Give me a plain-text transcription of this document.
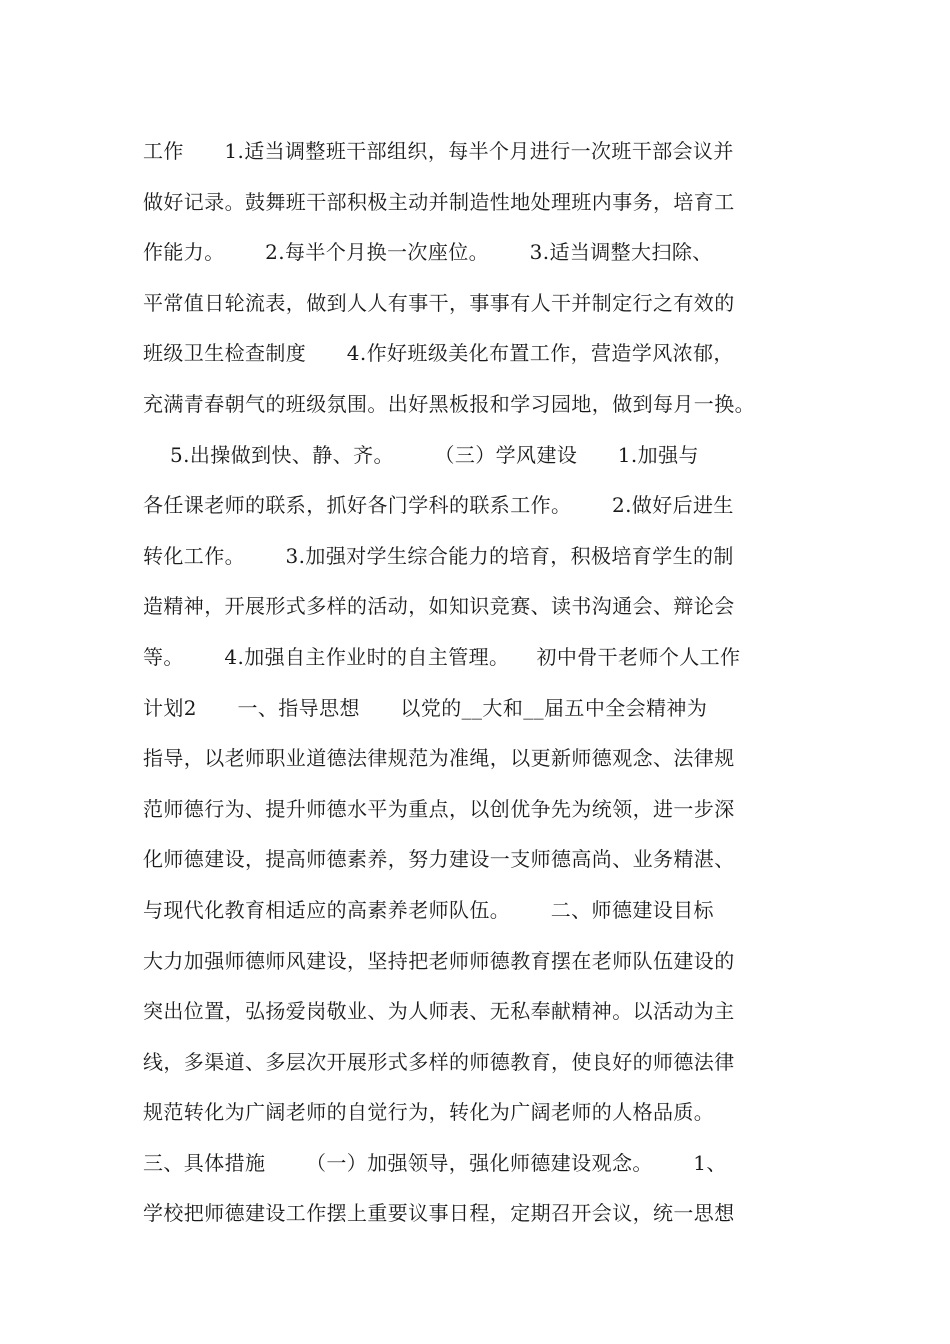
工作      1.适当调整班干部组织，每半个月进行一次班干部会议并
做好记录。鼓舞班干部积极主动并制造性地处理班内事务，培育工
作能力。      2.每半个月换一次座位。      3.适当调整大扫除、
平常值日轮流表，做到人人有事干，事事有人干并制定行之有效的
班级卫生检查制度      4.作好班级美化布置工作，营造学风浓郁，
充满青春朝气的班级氛围。出好黑板报和学习园地，做到每月一换。
5.出操做到快、静、齐。      （三）学风建设      1.加强与
各任课老师的联系，抓好各门学科的联系工作。      2.做好后进生
转化工作。      3.加强对学生综合能力的培育，积极培育学生的制
造精神，开展形式多样的活动，如知识竞赛、读书沟通会、辩论会
等。      4.加强自主作业时的自主管理。    初中骨干老师个人工作
计划2      一、指导思想      以党的__大和__届五中全会精神为
指导，以老师职业道德法律规范为准绳，以更新师德观念、法律规
范师德行为、提升师德水平为重点，以创优争先为统领，进一步深
化师德建设，提高师德素养，努力建设一支师德高尚、业务精湛、
与现代化教育相适应的高素养老师队伍。      二、师德建设目标
大力加强师德师风建设，坚持把老师师德教育摆在老师队伍建设的
突出位置，弘扬爱岗敬业、为人师表、无私奉献精神。以活动为主
线，多渠道、多层次开展形式多样的师德教育，使良好的师德法律
规范转化为广阔老师的自觉行为，转化为广阔老师的人格品质。
三、具体措施      （一）加强领导，强化师德建设观念。      1、
学校把师德建设工作摆上重要议事日程，定期召开会议，统一思想
